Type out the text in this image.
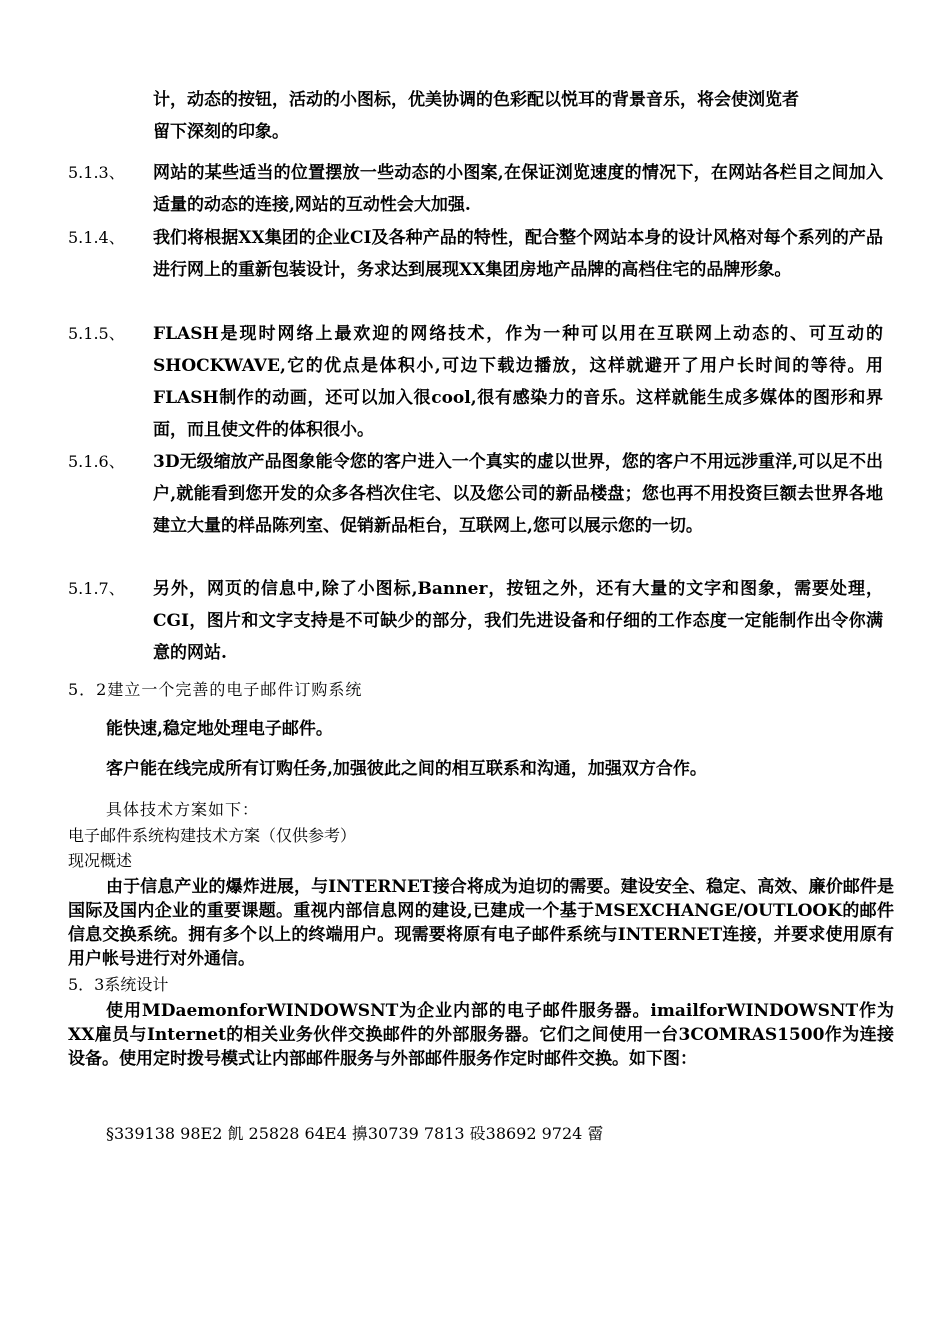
计，动态的按钮，活动的小图标，优美协调的色彩配以悦耳的背景音乐，将会使浏览者
留下深刻的印象。
5.1.3、	网站的某些适当的位置摆放一些动态的小图案,在保证浏览速度的情况下，在网站各栏目之间加入适量的动态的连接,网站的互动性会大加强.
5.1.4、	我们将根据XX集团的企业CI及各种产品的特性，配合整个网站本身的设计风格对每个系列的产品进行网上的重新包装设计，务求达到展现XX集团房地产品牌的高档住宅的品牌形象。
5.1.5、	FLASH是现时网络上最欢迎的网络技术，作为一种可以用在互联网上动态的、可互动的SHOCKWAVE,它的优点是体积小,可边下载边播放，这样就避开了用户长时间的等待。用FLASH制作的动画，还可以加入很cool,很有感染力的音乐。这样就能生成多媒体的图形和界面，而且使文件的体积很小。
5.1.6、	3D无级缩放产品图象能令您的客户进入一个真实的虚以世界，您的客户不用远涉重洋,可以足不出户,就能看到您开发的众多各档次住宅、以及您公司的新品楼盘；您也再不用投资巨额去世界各地建立大量的样品陈列室、促销新品柜台，互联网上,您可以展示您的一切。
5.1.7、	另外，网页的信息中,除了小图标,Banner，按钮之外，还有大量的文字和图象，需要处理，CGI，图片和文字支持是不可缺少的部分，我们先进设备和仔细的工作态度一定能制作出令你满意的网站.
5．2建立一个完善的电子邮件订购系统
能快速,稳定地处理电子邮件。
客户能在线完成所有订购任务,加强彼此之间的相互联系和沟通，加强双方合作。
具体技术方案如下：
电子邮件系统构建技术方案（仅供参考）
现况概述
由于信息产业的爆炸进展，与INTERNET接合将成为迫切的需要。建设安全、稳定、高效、廉价邮件是国际及国内企业的重要课题。重视内部信息网的建设,已建成一个基于MSEXCHANGE/OUTLOOK的邮件信息交换系统。拥有多个以上的终端用户。现需要将原有电子邮件系统与INTERNET连接，并要求使用原有用户帐号进行对外通信。
5．3系统设计
使用MDaemonforWINDOWSNT为企业内部的电子邮件服务器。imailforWINDOWSNT作为XX雇员与Internet的相关业务伙伴交换邮件的外部服务器。它们之间使用一台3COMRAS1500作为连接设备。使用定时拨号模式让内部邮件服务与外部邮件服务作定时邮件交换。如下图：
§339138 98E2 飢 25828 64E4 擤30739 7813 砓38692 9724 霤
